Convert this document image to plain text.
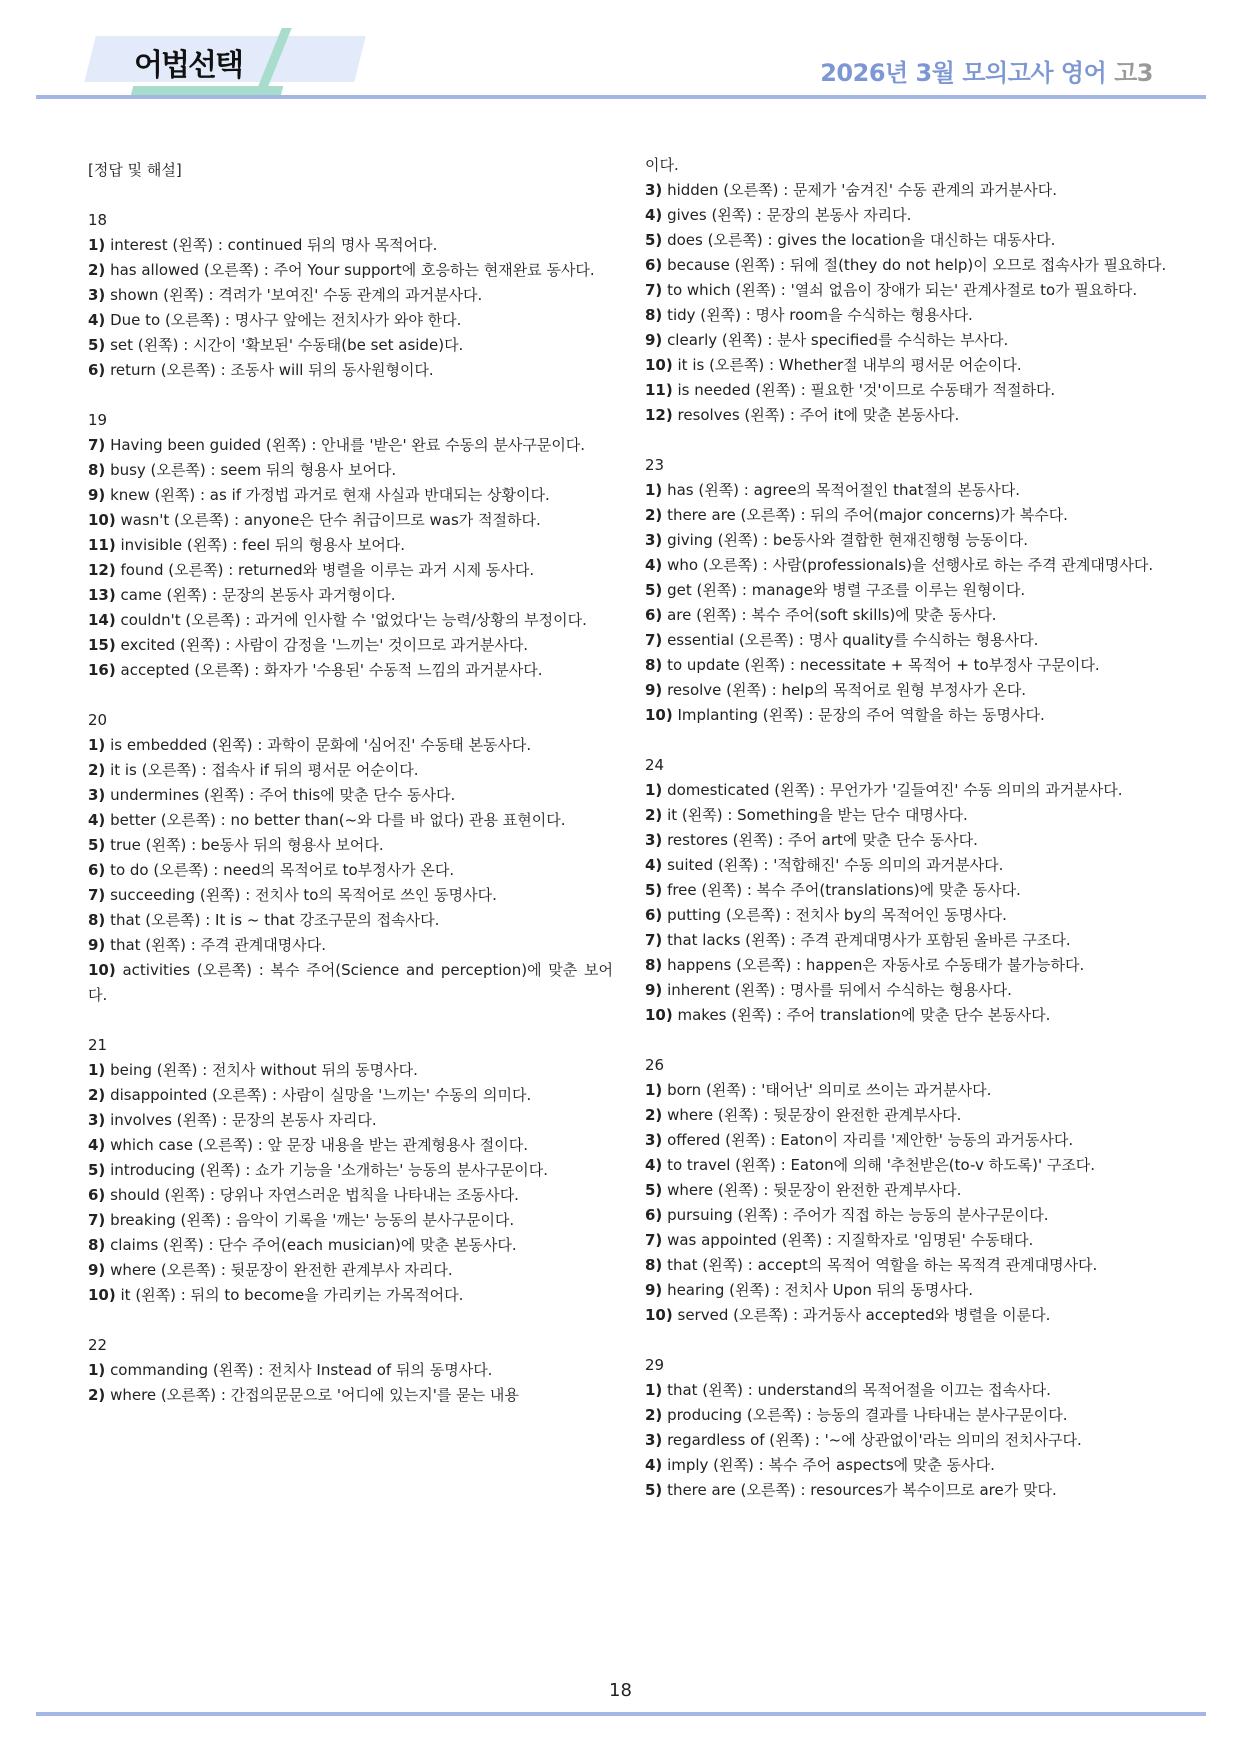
어법선택	2026년 3월 모의고사 영어 고3

[정답 및 해설]

18

1) interest (왼쪽) : continued 뒤의 명사 목적어다.

2) has allowed (오른쪽) : 주어 Your support에 호응하는 현재완료 동사다.

3) shown (왼쪽) : 격려가 '보여진' 수동 관계의 과거분사다.

4) Due to (오른쪽) : 명사구 앞에는 전치사가 와야 한다.

5) set (왼쪽) : 시간이 '확보된' 수동태(be set aside)다.

6) return (오른쪽) : 조동사 will 뒤의 동사원형이다.

19

7) Having been guided (왼쪽) : 안내를 '받은' 완료 수동의 분사구문이다.

8) busy (오른쪽) : seem 뒤의 형용사 보어다.

9) knew (왼쪽) : as if 가정법 과거로 현재 사실과 반대되는 상황이다.

10) wasn't (오른쪽) : anyone은 단수 취급이므로 was가 적절하다.

11) invisible (왼쪽) : feel 뒤의 형용사 보어다.

12) found (오른쪽) : returned와 병렬을 이루는 과거 시제 동사다.

13) came (왼쪽) : 문장의 본동사 과거형이다.

14) couldn't (오른쪽) : 과거에 인사할 수 '없었다'는 능력/상황의 부정이다.

15) excited (왼쪽) : 사람이 감정을 '느끼는' 것이므로 과거분사다.

16) accepted (오른쪽) : 화자가 '수용된' 수동적 느낌의 과거분사다.

20

1) is embedded (왼쪽) : 과학이 문화에 '심어진' 수동태 본동사다.

2) it is (오른쪽) : 접속사 if 뒤의 평서문 어순이다.

3) undermines (왼쪽) : 주어 this에 맞춘 단수 동사다.

4) better (오른쪽) : no better than(~와 다를 바 없다) 관용 표현이다.

5) true (왼쪽) : be동사 뒤의 형용사 보어다.

6) to do (오른쪽) : need의 목적어로 to부정사가 온다.

7) succeeding (왼쪽) : 전치사 to의 목적어로 쓰인 동명사다.

8) that (오른쪽) : It is ~ that 강조구문의 접속사다.

9) that (왼쪽) : 주격 관계대명사다.

10) activities (오른쪽) : 복수 주어(Science and perception)에 맞춘 보어다.

21

1) being (왼쪽) : 전치사 without 뒤의 동명사다.

2) disappointed (오른쪽) : 사람이 실망을 '느끼는' 수동의 의미다.

3) involves (왼쪽) : 문장의 본동사 자리다.

4) which case (오른쪽) : 앞 문장 내용을 받는 관계형용사 절이다.

5) introducing (왼쪽) : 쇼가 기능을 '소개하는' 능동의 분사구문이다.

6) should (왼쪽) : 당위나 자연스러운 법칙을 나타내는 조동사다.

7) breaking (왼쪽) : 음악이 기록을 '깨는' 능동의 분사구문이다.

8) claims (왼쪽) : 단수 주어(each musician)에 맞춘 본동사다.

9) where (오른쪽) : 뒷문장이 완전한 관계부사 자리다.

10) it (왼쪽) : 뒤의 to become을 가리키는 가목적어다.

22

1) commanding (왼쪽) : 전치사 Instead of 뒤의 동명사다.

2) where (오른쪽) : 간접의문문으로 '어디에 있는지'를 묻는 내용

이다.

3) hidden (오른쪽) : 문제가 '숨겨진' 수동 관계의 과거분사다.

4) gives (왼쪽) : 문장의 본동사 자리다.

5) does (오른쪽) : gives the location을 대신하는 대동사다.

6) because (왼쪽) : 뒤에 절(they do not help)이 오므로 접속사가 필요하다.

7) to which (왼쪽) : '열쇠 없음이 장애가 되는' 관계사절로 to가 필요하다.

8) tidy (왼쪽) : 명사 room을 수식하는 형용사다.

9) clearly (왼쪽) : 분사 specified를 수식하는 부사다.

10) it is (오른쪽) : Whether절 내부의 평서문 어순이다.

11) is needed (왼쪽) : 필요한 '것'이므로 수동태가 적절하다.

12) resolves (왼쪽) : 주어 it에 맞춘 본동사다.

23

1) has (왼쪽) : agree의 목적어절인 that절의 본동사다.

2) there are (오른쪽) : 뒤의 주어(major concerns)가 복수다.

3) giving (왼쪽) : be동사와 결합한 현재진행형 능동이다.

4) who (오른쪽) : 사람(professionals)을 선행사로 하는 주격 관계대명사다.

5) get (왼쪽) : manage와 병렬 구조를 이루는 원형이다.

6) are (왼쪽) : 복수 주어(soft skills)에 맞춘 동사다.

7) essential (오른쪽) : 명사 quality를 수식하는 형용사다.

8) to update (왼쪽) : necessitate + 목적어 + to부정사 구문이다.

9) resolve (왼쪽) : help의 목적어로 원형 부정사가 온다.

10) Implanting (왼쪽) : 문장의 주어 역할을 하는 동명사다.

24

1) domesticated (왼쪽) : 무언가가 '길들여진' 수동 의미의 과거분사다.

2) it (왼쪽) : Something을 받는 단수 대명사다.

3) restores (왼쪽) : 주어 art에 맞춘 단수 동사다.

4) suited (왼쪽) : '적합해진' 수동 의미의 과거분사다.

5) free (왼쪽) : 복수 주어(translations)에 맞춘 동사다.

6) putting (오른쪽) : 전치사 by의 목적어인 동명사다.

7) that lacks (왼쪽) : 주격 관계대명사가 포함된 올바른 구조다.

8) happens (오른쪽) : happen은 자동사로 수동태가 불가능하다.

9) inherent (왼쪽) : 명사를 뒤에서 수식하는 형용사다.

10) makes (왼쪽) : 주어 translation에 맞춘 단수 본동사다.

26

1) born (왼쪽) : '태어난' 의미로 쓰이는 과거분사다.

2) where (왼쪽) : 뒷문장이 완전한 관계부사다.

3) offered (왼쪽) : Eaton이 자리를 '제안한' 능동의 과거동사다.

4) to travel (왼쪽) : Eaton에 의해 '추천받은(to-v 하도록)' 구조다.

5) where (왼쪽) : 뒷문장이 완전한 관계부사다.

6) pursuing (왼쪽) : 주어가 직접 하는 능동의 분사구문이다.

7) was appointed (왼쪽) : 지질학자로 '임명된' 수동태다.

8) that (왼쪽) : accept의 목적어 역할을 하는 목적격 관계대명사다.

9) hearing (왼쪽) : 전치사 Upon 뒤의 동명사다.

10) served (오른쪽) : 과거동사 accepted와 병렬을 이룬다.

29

1) that (왼쪽) : understand의 목적어절을 이끄는 접속사다.

2) producing (오른쪽) : 능동의 결과를 나타내는 분사구문이다.

3) regardless of (왼쪽) : '~에 상관없이'라는 의미의 전치사구다.

4) imply (왼쪽) : 복수 주어 aspects에 맞춘 동사다.

5) there are (오른쪽) : resources가 복수이므로 are가 맞다.

18
